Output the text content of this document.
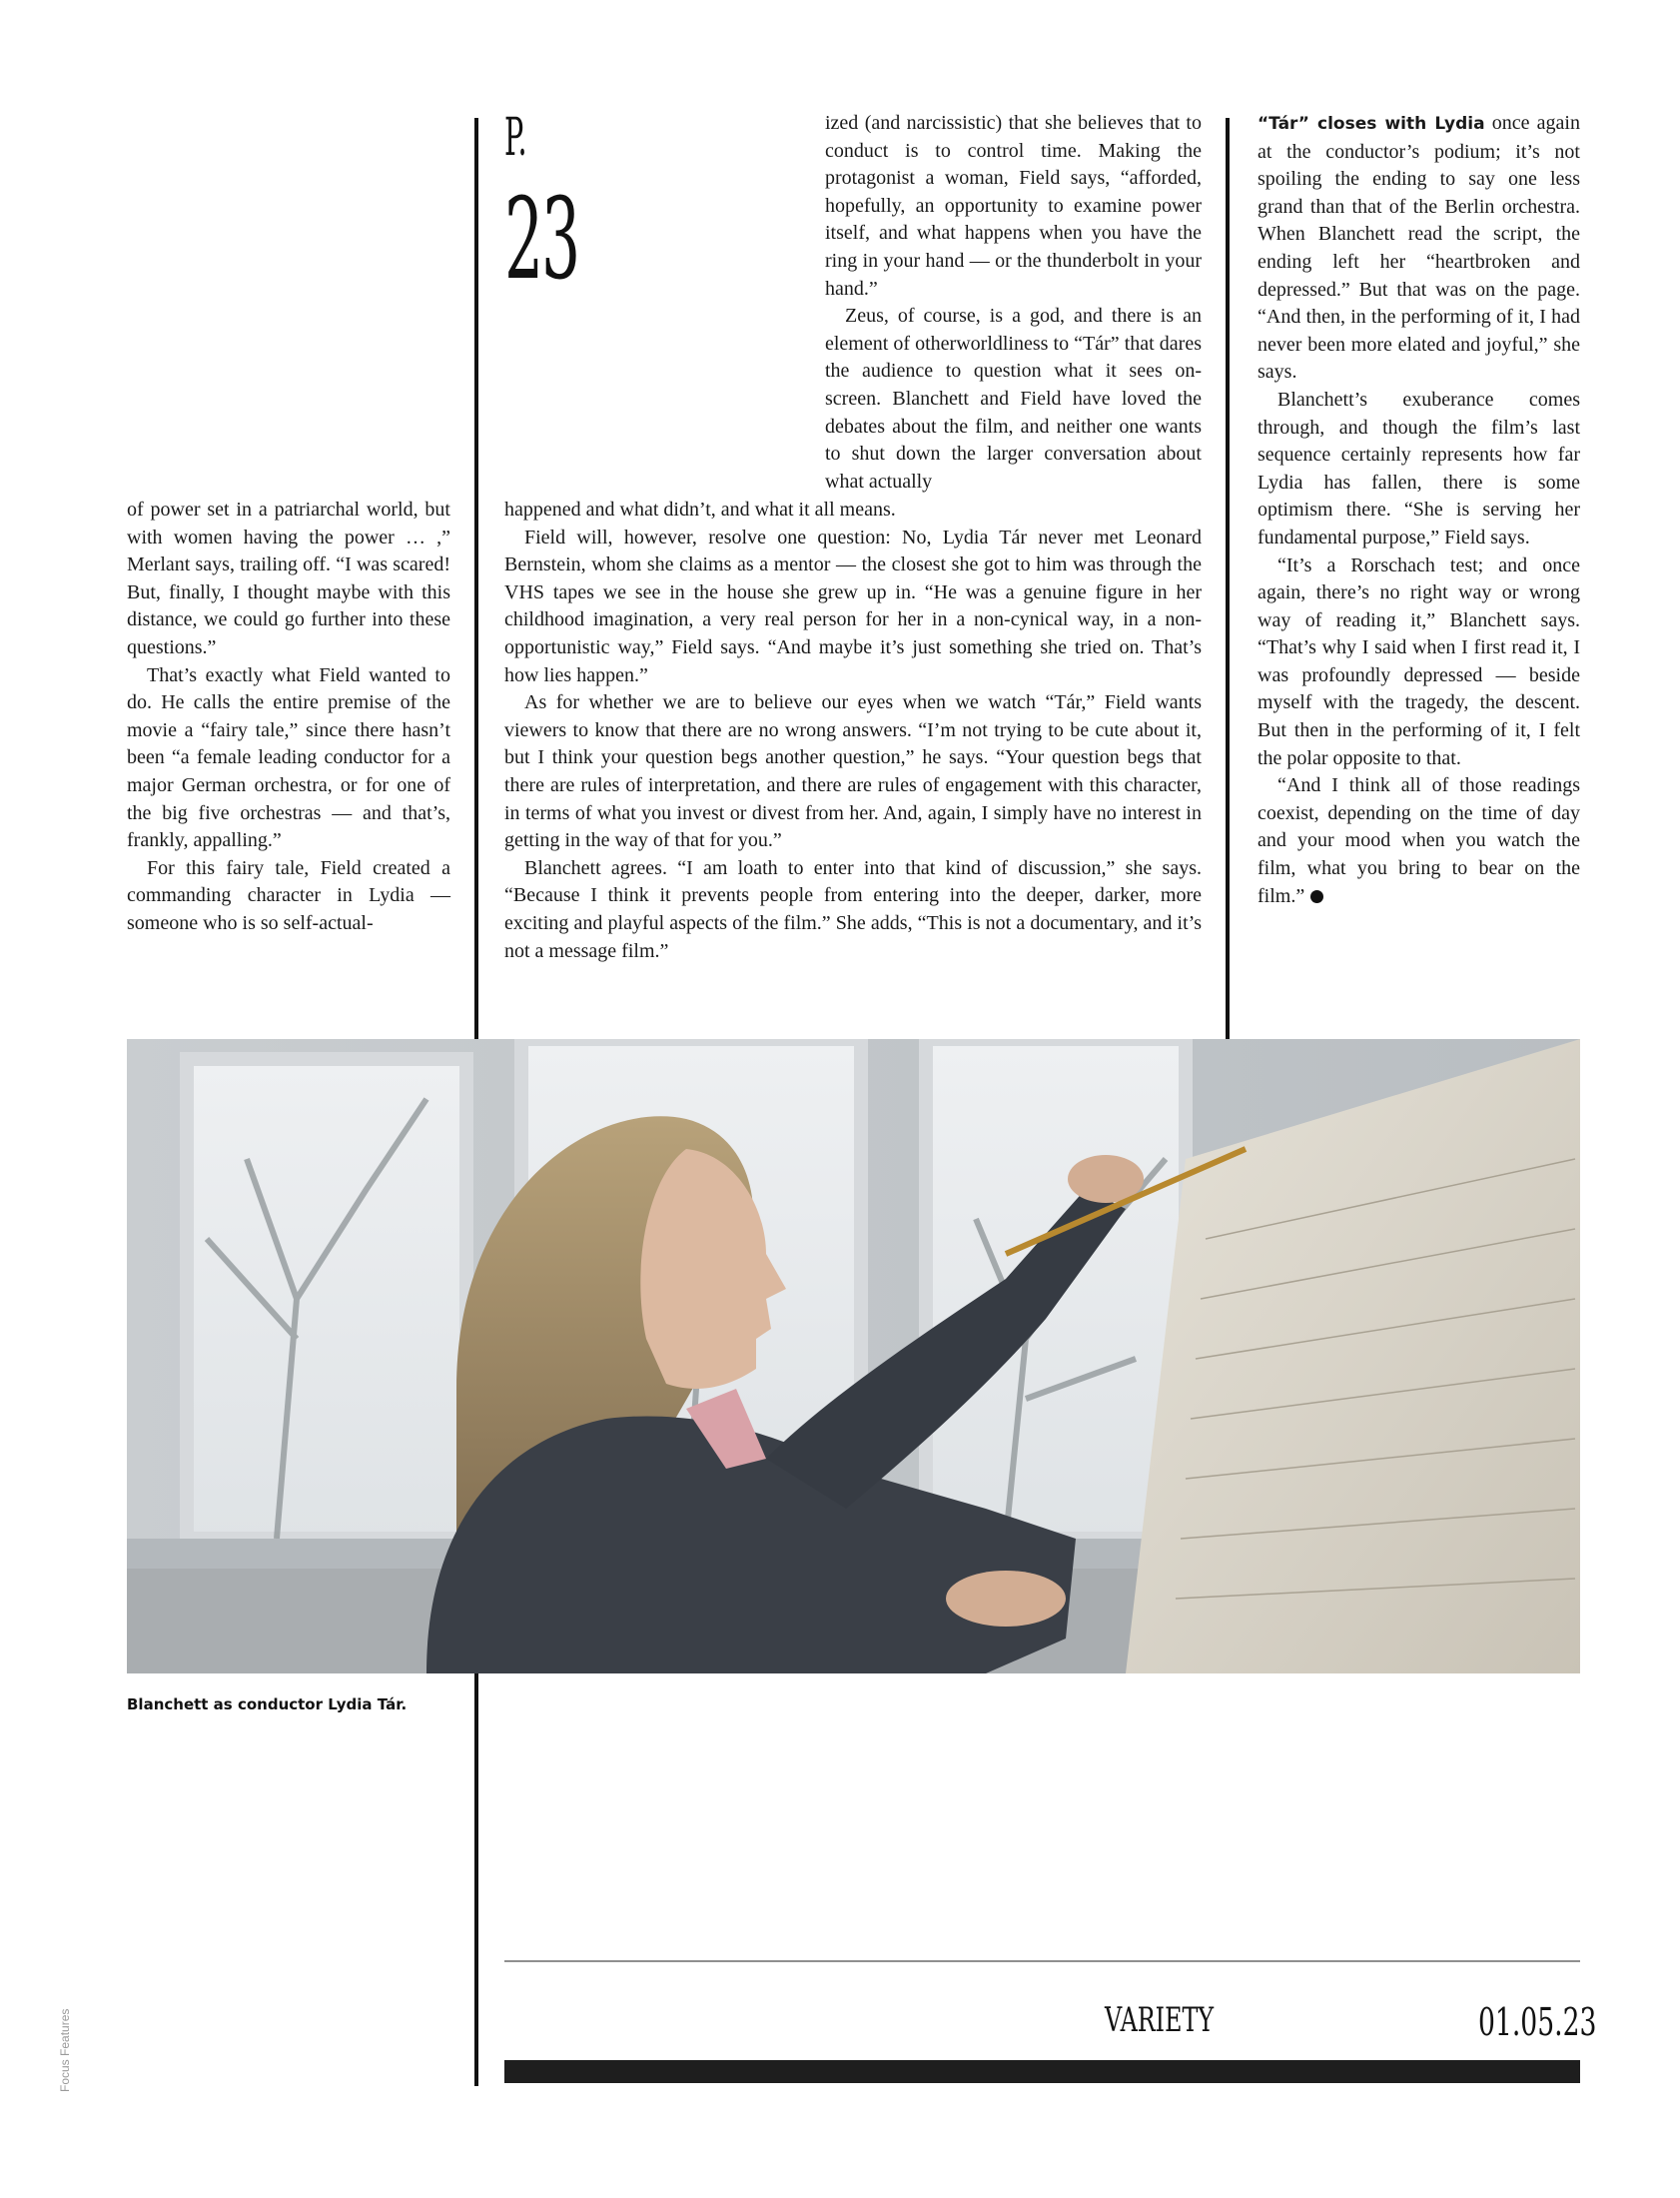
P.
23

of power set in a patriarchal world, but with women having the power … ,” Merlant says, trailing off. “I was scared! But, finally, I thought maybe with this distance, we could go further into these questions.”

That’s exactly what Field wanted to do. He calls the entire premise of the movie a “fairy tale,” since there hasn’t been “a female leading conductor for a major German orchestra, or for one of the big five orchestras — and that’s, frankly, appalling.”

For this fairy tale, Field created a commanding character in Lydia — someone who is so self-actual-

ized (and narcissistic) that she believes that to conduct is to control time. Making the protagonist a woman, Field says, “afforded, hopefully, an opportunity to examine power itself, and what happens when you have the ring in your hand — or the thunderbolt in your hand.”

Zeus, of course, is a god, and there is an element of otherworldliness to “Tár” that dares the audience to question what it sees on-screen. Blanchett and Field have loved the debates about the film, and neither one wants to shut down the larger conversation about what actually

happened and what didn’t, and what it all means.

Field will, however, resolve one question: No, Lydia Tár never met Leonard Bernstein, whom she claims as a mentor — the closest she got to him was through the VHS tapes we see in the house she grew up in. “He was a genuine figure in her childhood imagination, a very real person for her in a non-cynical way, in a non-opportunistic way,” Field says. “And maybe it’s just something she tried on. That’s how lies happen.”

As for whether we are to believe our eyes when we watch “Tár,” Field wants viewers to know that there are no wrong answers. “I’m not trying to be cute about it, but I think your question begs another question,” he says. “Your question begs that there are rules of interpretation, and there are rules of engagement with this character, in terms of what you invest or divest from her. And, again, I simply have no interest in getting in the way of that for you.”

Blanchett agrees. “I am loath to enter into that kind of discussion,” she says. “Because I think it prevents people from entering into the deeper, darker, more exciting and playful aspects of the film.” She adds, “This is not a documentary, and it’s not a message film.”

“Tár” closes with Lydia once again at the conductor’s podium; it’s not spoiling the ending to say one less grand than that of the Berlin orchestra. When Blanchett read the script, the ending left her “heartbroken and depressed.” But that was on the page. “And then, in the performing of it, I had never been more elated and joyful,” she says.

Blanchett’s exuberance comes through, and though the film’s last sequence certainly represents how far Lydia has fallen, there is some optimism there. “She is serving her fundamental purpose,” Field says.

“It’s a Rorschach test; and once again, there’s no right way or wrong way of reading it,” Blanchett says. “That’s why I said when I first read it, I was profoundly depressed — beside myself with the tragedy, the descent. But then in the performing of it, I felt the polar opposite to that.

“And I think all of those readings coexist, depending on the time of day and your mood when you watch the film, what you bring to bear on the film.”

Blanchett as conductor Lydia Tár.
Focus Features	VARIETY	01.05.23
